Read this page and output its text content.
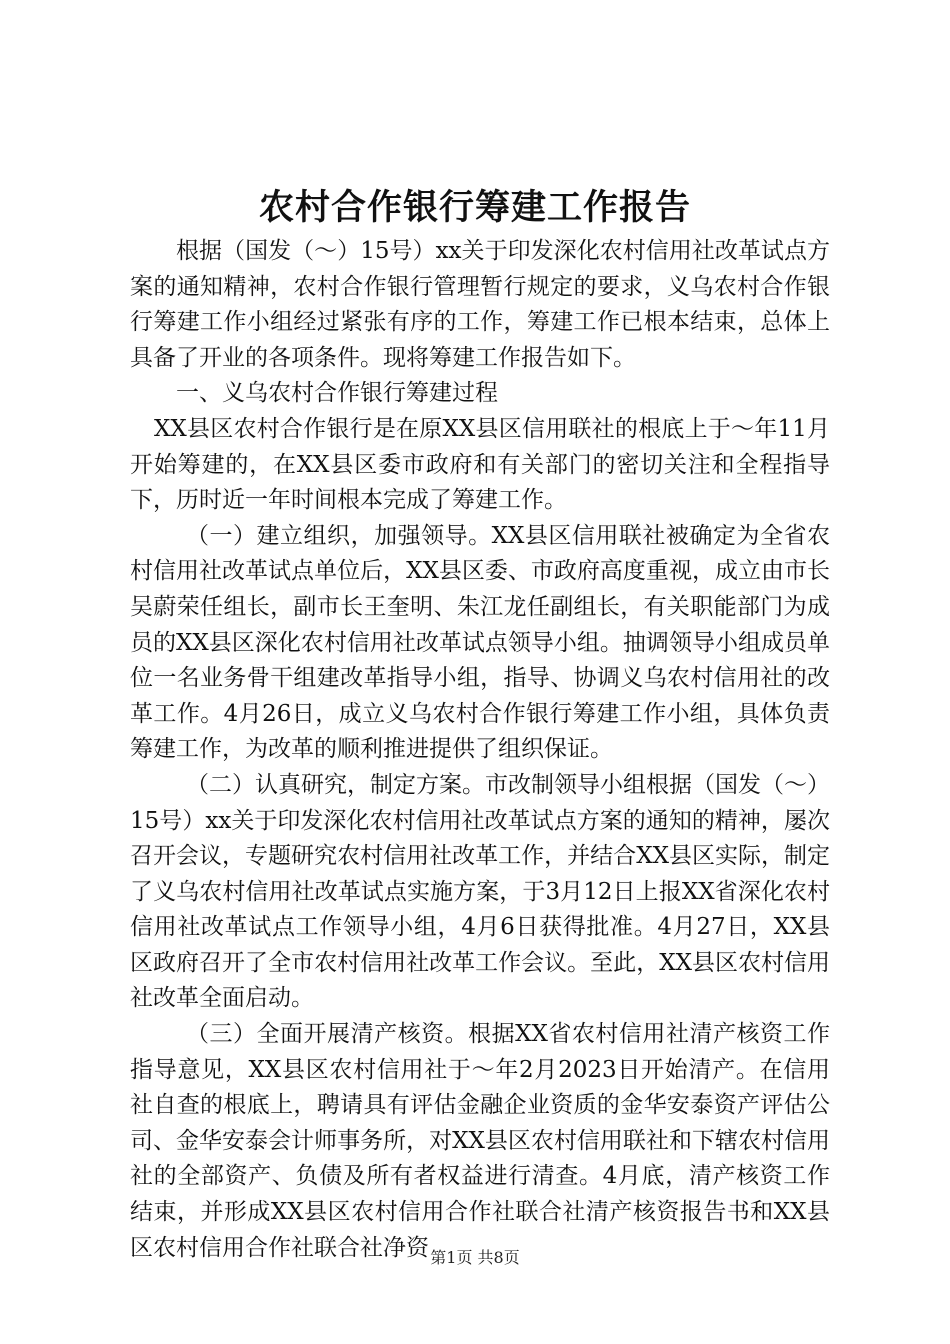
农村合作银行筹建工作报告

根据（国发（～）15号）xx关于印发深化农村信用社改革试点方案的通知精神，农村合作银行管理暂行规定的要求，义乌农村合作银行筹建工作小组经过紧张有序的工作，筹建工作已根本结束，总体上具备了开业的各项条件。现将筹建工作报告如下。

一、义乌农村合作银行筹建过程

XX县区农村合作银行是在原XX县区信用联社的根底上于～年11月开始筹建的，在XX县区委市政府和有关部门的密切关注和全程指导下，历时近一年时间根本完成了筹建工作。

（一）建立组织，加强领导。XX县区信用联社被确定为全省农村信用社改革试点单位后，XX县区委、市政府高度重视，成立由市长吴蔚荣任组长，副市长王奎明、朱江龙任副组长，有关职能部门为成员的XX县区深化农村信用社改革试点领导小组。抽调领导小组成员单位一名业务骨干组建改革指导小组，指导、协调义乌农村信用社的改革工作。4月26日，成立义乌农村合作银行筹建工作小组，具体负责筹建工作，为改革的顺利推进提供了组织保证。

（二）认真研究，制定方案。市改制领导小组根据（国发（～）15号）xx关于印发深化农村信用社改革试点方案的通知的精神，屡次召开会议，专题研究农村信用社改革工作，并结合XX县区实际，制定了义乌农村信用社改革试点实施方案，于3月12日上报XX省深化农村信用社改革试点工作领导小组，4月6日获得批准。4月27日，XX县区政府召开了全市农村信用社改革工作会议。至此，XX县区农村信用社改革全面启动。

（三）全面开展清产核资。根据XX省农村信用社清产核资工作指导意见，XX县区农村信用社于～年2月2023日开始清产。在信用社自查的根底上，聘请具有评估金融企业资质的金华安泰资产评估公司、金华安泰会计师事务所，对XX县区农村信用联社和下辖农村信用社的全部资产、负债及所有者权益进行清查。4月底，清产核资工作结束，并形成XX县区农村信用合作社联合社清产核资报告书和XX县区农村信用合作社联合社净资 第1页 共8页
